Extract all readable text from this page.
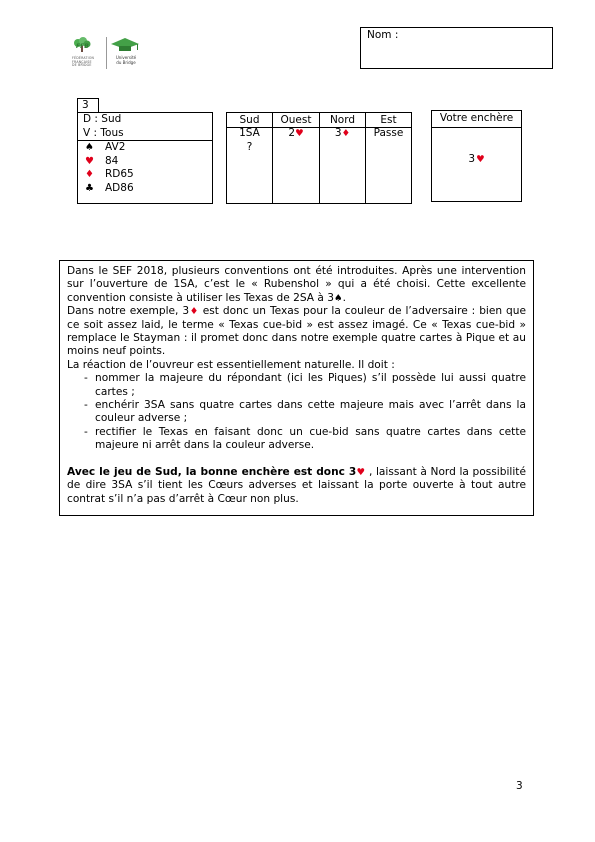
FFB
FÉDÉRATION
FRANÇAISE
DE BRIDGE
Université
du Bridge
Nom :
3
D : Sud
V : Tous
♠ AV2
♥ 84
♦ RD65
♣ AD86
Sud
1SA
?
Ouest
2♥
Nord
3♦
Est
Passe
Votre enchère
3♥

Dans le SEF 2018, plusieurs conventions ont été introduites. Après une intervention sur l’ouverture de 1SA, c’est le « Rubenshol » qui a été choisi. Cette excellente convention consiste à utiliser les Texas de 2SA à 3♠.

Dans notre exemple, 3♦ est donc un Texas pour la couleur de l’adversaire : bien que ce soit assez laid, le terme « Texas cue-bid » est assez imagé. Ce « Texas cue-bid » remplace le Stayman : il promet donc dans notre exemple quatre cartes à Pique et au moins neuf points.

La réaction de l’ouvreur est essentiellement naturelle. Il doit :

- nommer la majeure du répondant (ici les Piques) s’il possède lui aussi quatre cartes ;
- enchérir 3SA sans quatre cartes dans cette majeure mais avec l’arrêt dans la couleur adverse ;
- rectifier le Texas en faisant donc un cue-bid sans quatre cartes dans cette majeure ni arrêt dans la couleur adverse.

Avec le jeu de Sud, la bonne enchère est donc 3♥ , laissant à Nord la possibilité de dire 3SA s’il tient les Cœurs adverses et laissant la porte ouverte à tout autre contrat s’il n’a pas d’arrêt à Cœur non plus.

3
